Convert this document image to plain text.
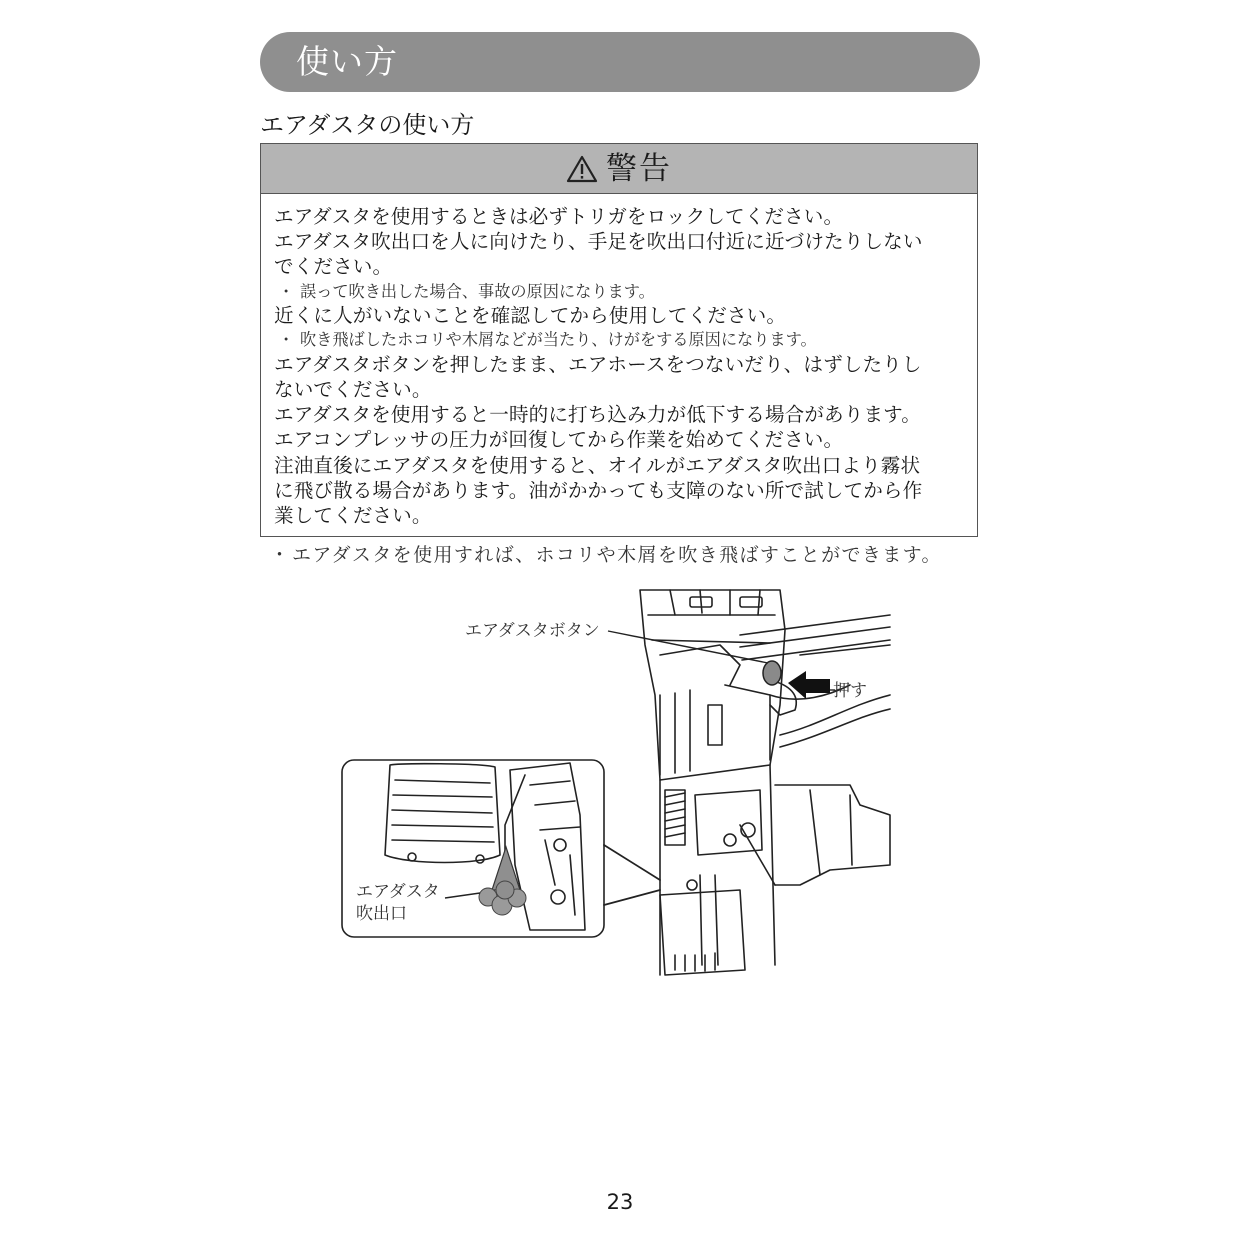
使い方
エアダスタの使い方
警告
エアダスタを使用するときは必ずトリガをロックしてください。
エアダスタ吹出口を人に向けたり、手足を吹出口付近に近づけたりしない
でください。
・ 誤って吹き出した場合、事故の原因になります。
近くに人がいないことを確認してから使用してください。
・ 吹き飛ばしたホコリや木屑などが当たり、けがをする原因になります。
エアダスタボタンを押したまま、エアホースをつないだり、はずしたりし
ないでください。
エアダスタを使用すると一時的に打ち込み力が低下する場合があります。
エアコンプレッサの圧力が回復してから作業を始めてください。
注油直後にエアダスタを使用すると、オイルがエアダスタ吹出口より霧状
に飛び散る場合があります。油がかかっても支障のない所で試してから作
業してください。
・エアダスタを使用すれば、ホコリや木屑を吹き飛ばすことができます。
エアダスタボタン
押す
エアダスタ
吹出口
23
